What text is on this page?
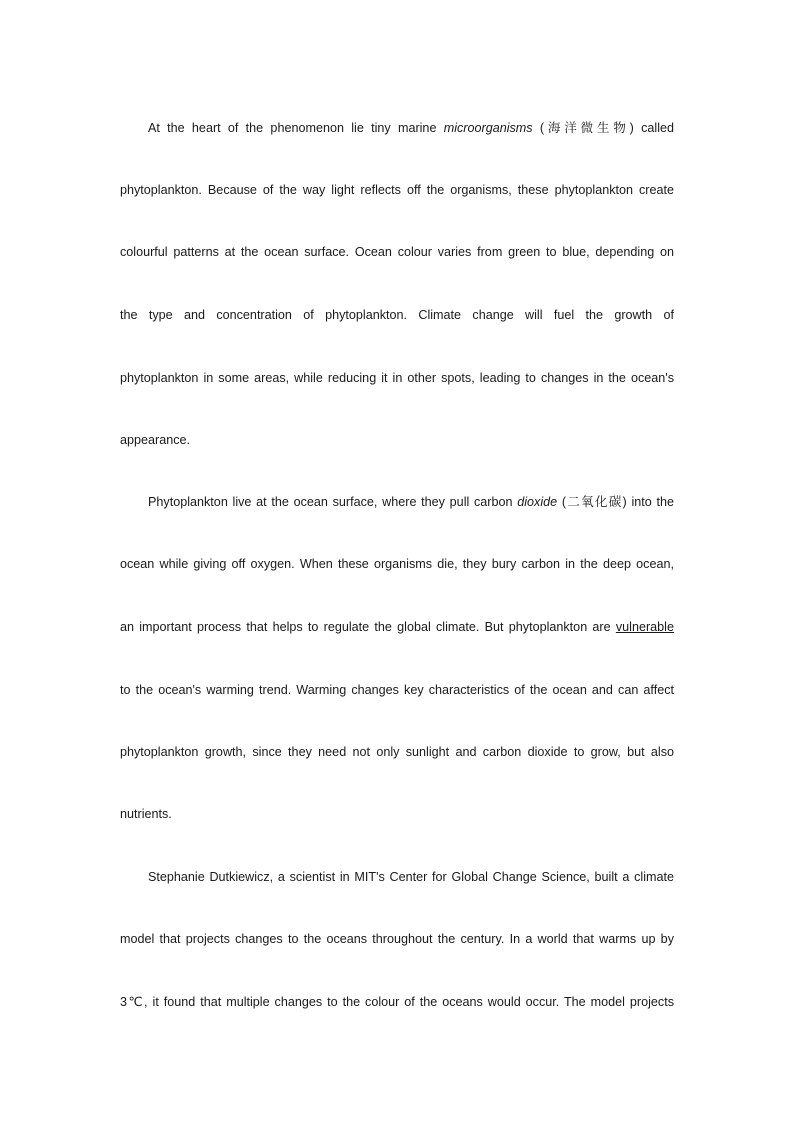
At the heart of the phenomenon lie tiny marine microorganisms (海洋微生物) called
phytoplankton. Because of the way light reflects off the organisms, these phytoplankton create
colourful patterns at the ocean surface. Ocean colour varies from green to blue, depending on
the type and concentration of phytoplankton. Climate change will fuel the growth of
phytoplankton in some areas, while reducing it in other spots, leading to changes in the ocean's
appearance.
Phytoplankton live at the ocean surface, where they pull carbon dioxide (二氧化碳) into the
ocean while giving off oxygen. When these organisms die, they bury carbon in the deep ocean,
an important process that helps to regulate the global climate. But phytoplankton are vulnerable
to the ocean's warming trend. Warming changes key characteristics of the ocean and can affect
phytoplankton growth, since they need not only sunlight and carbon dioxide to grow, but also
nutrients.
Stephanie Dutkiewicz, a scientist in MIT's Center for Global Change Science, built a climate
model that projects changes to the oceans throughout the century. In a world that warms up by
3℃, it found that multiple changes to the colour of the oceans would occur. The model projects
